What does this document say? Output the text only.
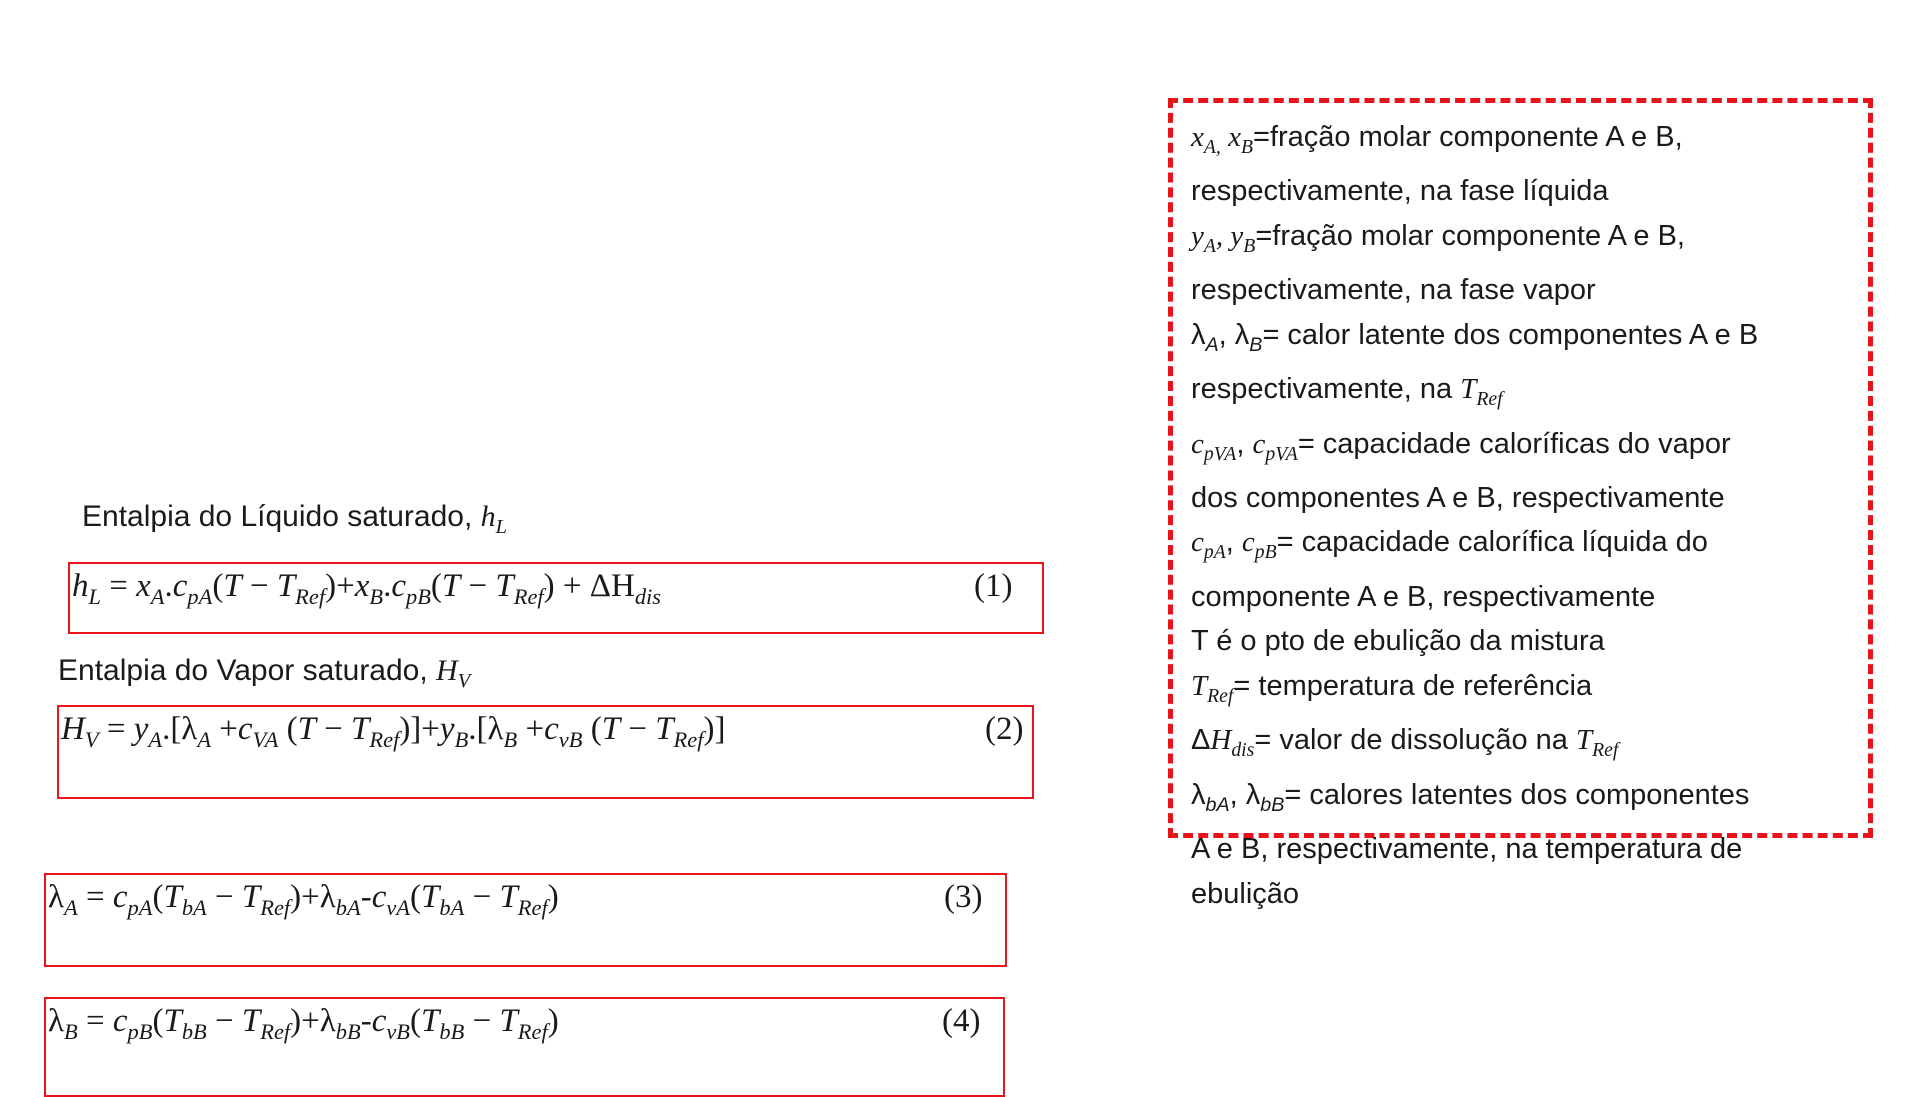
Entalpia do Líquido saturado, $h_L$
$h_L = x_A.c_{pA}(T - T_{Ref})+x_B.c_{pB}(T - T_{Ref}) + \Delta H_{dis}$	(1)
Entalpia do Vapor saturado, $H_V$
$H_V = y_A.[\lambda_A +c_{VA}$ $(T - T_{Ref})]+y_B.[\lambda_B +c_{vB}$ $(T - T_{Ref})$]	(2)
$\lambda_A = c_{pA}(T_{bA} - T_{Ref})+\lambda_{bA}-c_{vA}(T_{bA} - T_{Ref})$	(3)
$\lambda_B = c_{pB}(T_{bB} - T_{Ref})+\lambda_{bB}-c_{vB}(T_{bB} - T_{Ref})$	(4)

$x_{A,}$ $x_B=fração$ molar componente A e B,

respectivamente, na fase líquida

$y_A$, $y_B=fração$ molar componente A e B,

respectivamente, na fase vapor

$\lambda_A$, $\lambda_B=$ calor latente dos componentes A e B

respectivamente, na $T_{Ref}$

$c_{pVA}$, $c_{pVA}=$ capacidade caloríficas do vapor

dos componentes A e B, respectivamente

$c_{pA}$, $c_{pB}=$ capacidade calorífica líquida do

componente A e B, respectivamente

T é o pto de ebulição da mistura

$T_{Ref}=$ temperatura de referência

$\Delta H_{dis}=$ valor de dissolução na $T_{Ref}$

$\lambda_{bA}$, $\lambda_{bB}=$ calores latentes dos componentes

A e B, respectivamente, na temperatura de

ebulição
